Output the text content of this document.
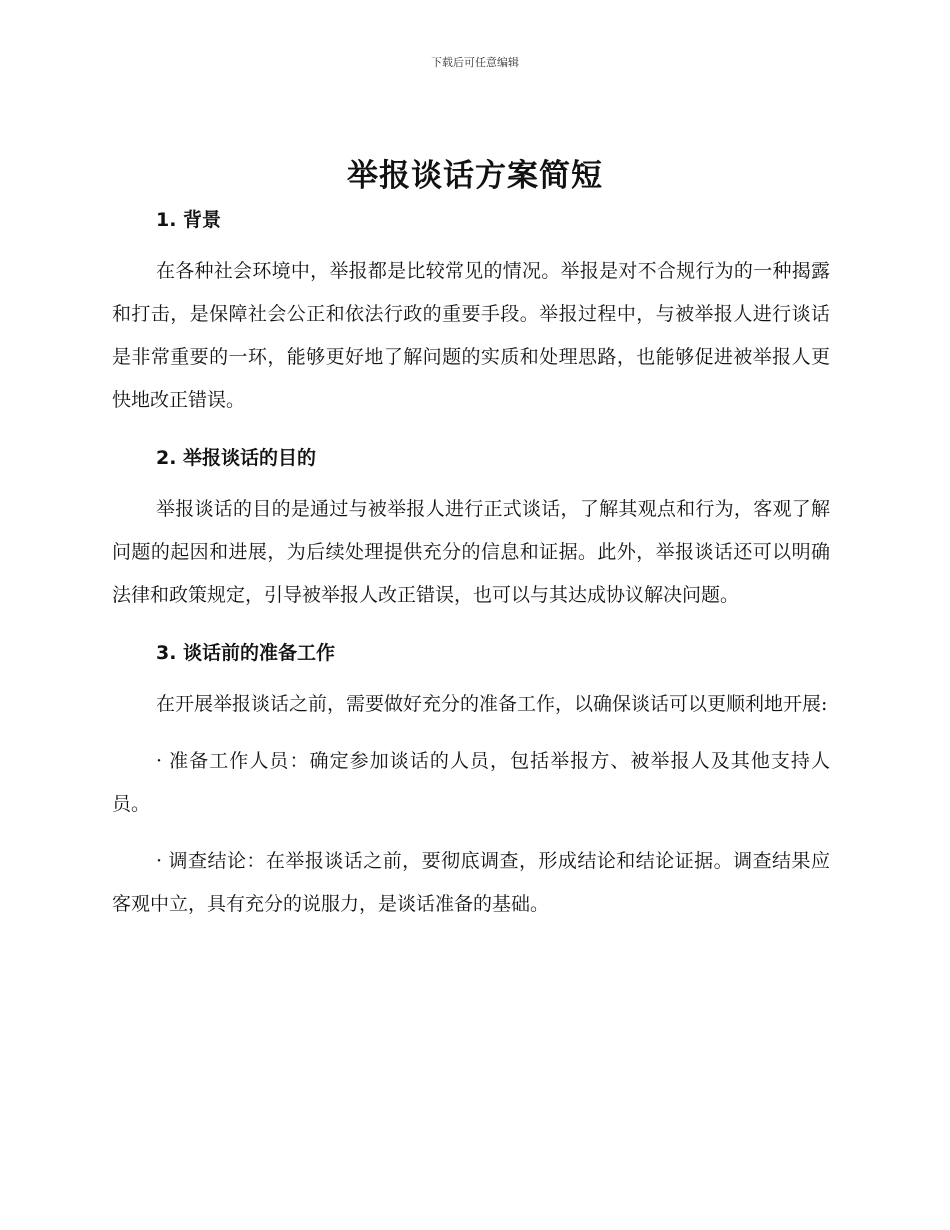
下载后可任意编辑
举报谈话方案简短
1. 背景

在各种社会环境中，举报都是比较常见的情况。举报是对不合规行为的一种揭露和打击，是保障社会公正和依法行政的重要手段。举报过程中，与被举报人进行谈话是非常重要的一环，能够更好地了解问题的实质和处理思路，也能够促进被举报人更快地改正错误。

2. 举报谈话的目的

举报谈话的目的是通过与被举报人进行正式谈话，了解其观点和行为，客观了解问题的起因和进展，为后续处理提供充分的信息和证据。此外，举报谈话还可以明确法律和政策规定，引导被举报人改正错误，也可以与其达成协议解决问题。

3. 谈话前的准备工作

在开展举报谈话之前，需要做好充分的准备工作，以确保谈话可以更顺利地开展:

· 准备工作人员：确定参加谈话的人员，包括举报方、被举报人及其他支持人员。

· 调查结论：在举报谈话之前，要彻底调查，形成结论和结论证据。调查结果应客观中立，具有充分的说服力，是谈话准备的基础。
